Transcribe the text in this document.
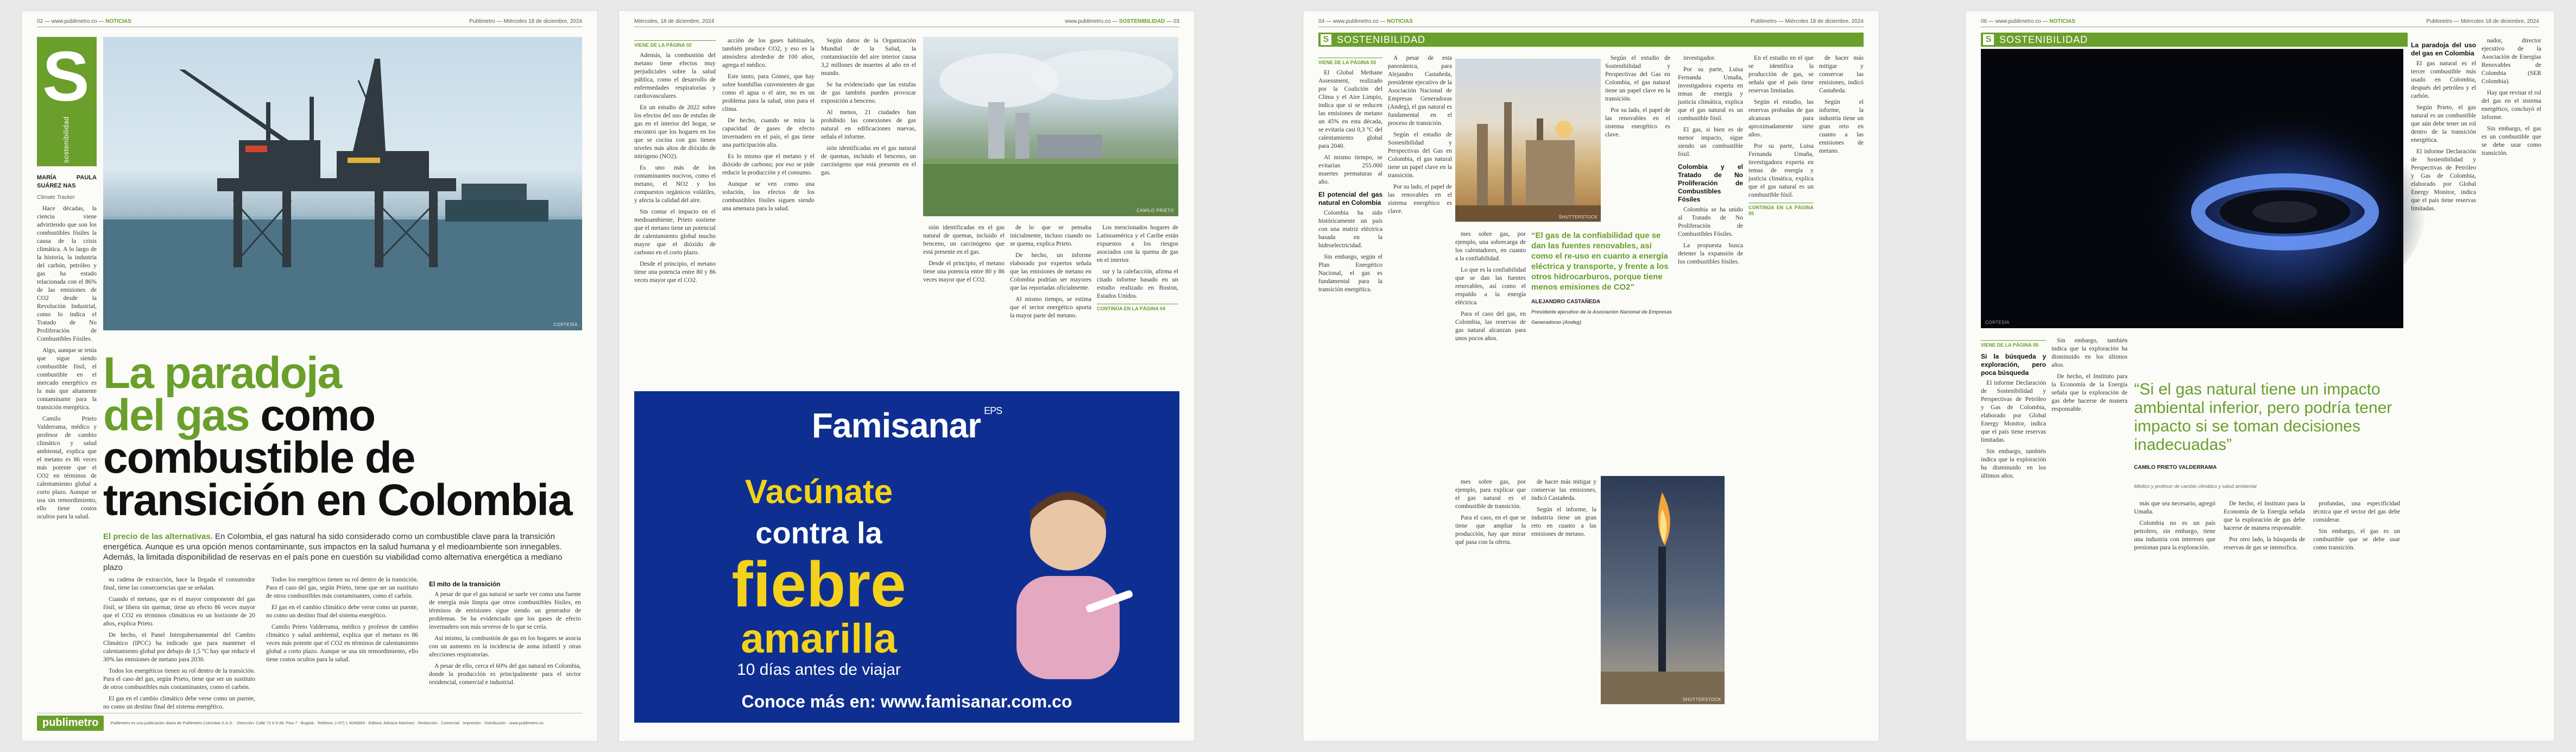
02 — www.publimetro.co — NOTICIAS	Publimetro — Miércoles 18 de diciembre, 2024
S
sostenibilidad

MARÍA PAULA SUÁREZ NAS

Climate Tracker

Hace décadas, la ciencia viene advirtiendo que son los combustibles fósiles la causa de la crisis climática. A lo largo de la historia, la industria del carbón, petróleo y gas ha estado relacionada con el 86% de las emisiones de CO2 desde la Revolución Industrial, como lo indica el Tratado de No Proliferación de Combustibles Fósiles.

Algo, aunque se tenía que sigue siendo combustible fósil, el combustible en el mercado energético es la más que altamente contaminante para la transición energética.

Camilo Prieto Valderrama, médico y profesor de cambio climático y salud ambiental, explica que el metano es 86 veces más potente que el CO2 en términos de calentamiento global a corto plazo. Aunque se usa sin remordimiento, ello tiene costos ocultos para la salud.

CORTESÍA
La paradoja
del gas como combustible de transición en Colombia
El precio de las alternativas. En Colombia, el gas natural ha sido considerado como un combustible clave para la transición energética. Aunque es una opción menos contaminante, sus impactos en la salud humana y el medioambiente son innegables. Además, la limitada disponibilidad de reservas en el país pone en cuestión su viabilidad como alternativa energética a mediano plazo

su cadena de extracción, hace la llegada el consumidor final, tiene las consecuencias que se señalan.

Cuando el metano, que es el mayor componente del gas fósil, se libera sin quemar, tiene un efecto 86 veces mayor que el CO2 en términos climáticos en un horizonte de 20 años, explica Prieto.

De hecho, el Panel Intergubernamental del Cambio Climático (IPCC) ha indicado que para mantener el calentamiento global por debajo de 1,5 °C hay que reducir el 30% las emisiones de metano para 2030.

Todos los energéticos tienen su rol dentro de la transición. Para el caso del gas, según Prieto, tiene que ser un sustituto de otros combustibles más contaminantes, como el carbón.

El gas en el cambio climático debe verse como un puente, no como un destino final del sistema energético.

Todos los energéticos tienen su rol dentro de la transición. Para el caso del gas, según Prieto, tiene que ser un sustituto de otros combustibles más contaminantes, como el carbón.

El gas en el cambio climático debe verse como un puente, no como un destino final del sistema energético.

Camilo Prieto Valderrama, médico y profesor de cambio climático y salud ambiental, explica que el metano es 86 veces más potente que el CO2 en términos de calentamiento global a corto plazo. Aunque se usa sin remordimiento, ello tiene costos ocultos para la salud.

El mito de la transición

A pesar de que el gas natural se suele ver como una fuente de energía más limpia que otros combustibles fósiles, en términos de emisiones sigue siendo un generador de problemas. Se ha evidenciado que los gases de efecto invernadero son más severos de lo que se creía.

Así mismo, la combustión de gas en los hogares se asocia con un aumento en la incidencia de asma infantil y otras afecciones respiratorias.

A pesar de ello, cerca el 60% del gas natural en Colombia, donde la producción es principalmente para el sector residencial, comercial e industrial.

publimetro	Publimetro es una publicación diaria de Publimetro Colombia S.A.S. · Dirección: Calle 72 # 5-38, Piso 7 · Bogotá · Teléfono: (+57) 1 4046969 · Editora: Adriana Martínez · Redacción · Comercial · Impresión · Distribución · www.publimetro.co
Miércoles, 18 de diciembre, 2024	www.publimetro.co — SOSTENIBILIDAD — 03
VIENE DE LA PÁGINA 02

Además, la combustión del metano tiene efectos muy perjudiciales sobre la salud pública, como el desarrollo de enfermedades respiratorias y cardiovasculares.

En un estudio de 2022 sobre los efectos del uso de estufas de gas en el interior del hogar, se encontró que los hogares en los que se cocina con gas tienen niveles más altos de dióxido de nitrógeno (NO2).

Es uno más de los contaminantes nocivos, como el metano, el NO2 y los compuestos orgánicos volátiles, y afecta la calidad del aire.

Sin contar el impacto en el medioambiente, Prieto sostiene que el metano tiene un potencial de calentamiento global mucho mayor que el dióxido de carbono en el corto plazo.

Desde el principio, el metano tiene una potencia entre 80 y 86 veces mayor que el CO2.

acción de los gases habituales, también produce CO2, y eso es la atmósfera alrededor de 100 años, agrega el médico.

Este tanto, para Gómez, que hay sobre bombillas convenientes de gas como el agua o el aire, no es un problema para la salud, sino para el clima.

De hecho, cuando se mira la capacidad de gases de efecto invernadero en el país, el gas tiene una participación alta.

Es lo mismo que el metano y el dióxido de carbono; por eso se pide reducir la producción y el consumo.

Aunque se ven como una solución, los efectos de los combustibles fósiles siguen siendo una amenaza para la salud.

Según datos de la Organización Mundial de la Salud, la contaminación del aire interior causa 3,2 millones de muertes al año en el mundo.

Se ha evidenciado que las estufas de gas también pueden provocar exposición a benceno.

Al menos, 21 ciudades han prohibido las conexiones de gas natural en edificaciones nuevas, señala el informe.

sión identificadas en el gas natural de quemas, incluido el benceno, un carcinógeno que está presente en el gas.

CAMILO PRIETO

sión identificadas en el gas natural de quemas, incluido el benceno, un carcinógeno que está presente en el gas.

Desde el principio, el metano tiene una potencia entre 80 y 86 veces mayor que el CO2.

de lo que se pensaba inicialmente, incluso cuando no se quema, explica Prieto.

De hecho, un informe elaborado por expertos señala que las emisiones de metano en Colombia podrían ser mayores que las reportadas oficialmente.

Al mismo tiempo, se estima que el sector energético aporta la mayor parte del metano.

Los mencionados hogares de Latinoamérica y el Caribe están expuestos a los riesgos asociados con la quema de gas en el interior.

sur y la calefacción, afirma el citado informe basado en un estudio realizado en Boston, Estados Unidos.

CONTINÚA EN LA PÁGINA 04
Famisanar $^{EPS}$
Vacúnate
contra la
fiebre
amarilla
10 días antes de viajar
Conoce más en: www.famisanar.com.co
04 — www.publimetro.co — NOTICIAS	Publimetro — Miércoles 18 de diciembre, 2024
S SOSTENIBILIDAD
VIENE DE LA PÁGINA 03

El Global Methane Assessment, realizado por la Coalición del Clima y el Aire Limpio, indica que si se reducen las emisiones de metano un 45% en esta década, se evitaría casi 0,3 °C del calentamiento global para 2040.

Al mismo tiempo, se evitarían 255.000 muertes prematuras al año.

El potencial del gas natural en Colombia

Colombia ha sido históricamente un país con una matriz eléctrica basada en la hidroelectricidad.

Sin embargo, según el Plan Energético Nacional, el gas es fundamental para la transición energética.

A pesar de esta panorámica, para Alejandro Castañeda, presidente ejecutivo de la Asociación Nacional de Empresas Generadoras (Andeg), el gas natural es fundamental en el proceso de transición.

Según el estudio de Sostenibilidad y Perspectivas del Gas en Colombia, el gas natural tiene un papel clave en la transición.

Por su lado, el papel de las renovables en el sistema energético es clave.

SHUTTERSTOCK

mes sobre gas, por ejemplo, una sobrecarga de los calentadores, en cuanto a la confiabilidad.

Lo que es la confiabilidad que se dan las fuentes renovables, así como el respaldo a la energía eléctrica.

Para el caso del gas, en Colombia, las reservas de gas natural alcanzan para unos pocos años.

“El gas de la confiabilidad que se dan las fuentes renovables, así como el re-uso en cuanto a energía eléctrica y transporte, y frente a los otros hidrocarburos, porque tiene menos emisiones de CO2”
ALEJANDRO CASTAÑEDA
Presidente ejecutivo de la Asociación Nacional de Empresas Generadoras (Andeg)

mes sobre gas, por ejemplo, para explicar que el gas natural es el combustible de transición.

Para el caso, en el que se tiene que ampliar la producción, hay que mirar qué pasa con la oferta.

de hacer más mitigar y conservar las emisiones, indicó Castañeda.

Según el informe, la industria tiene un gran reto en cuanto a las emisiones de metano.

SHUTTERSTOCK

Según el estudio de Sostenibilidad y Perspectivas del Gas en Colombia, el gas natural tiene un papel clave en la transición.

Por su lado, el papel de las renovables en el sistema energético es clave.

investigador.

Por su parte, Luisa Fernanda Umaña, investigadora experta en temas de energía y justicia climática, explica que el gas natural es un combustible fósil.

El gas, si bien es de menor impacto, sigue siendo un combustible fósil.

Colombia y el Tratado de No Proliferación de Combustibles Fósiles

Colombia se ha unido al Tratado de No Proliferación de Combustibles Fósiles.

La propuesta busca detener la expansión de los combustibles fósiles.

En el estudio en el que se identifica la producción de gas, se señala que el país tiene reservas limitadas.

Según el estudio, las reservas probadas de gas alcanzan para aproximadamente siete años.

Por su parte, Luisa Fernanda Umaña, investigadora experta en temas de energía y justicia climática, explica que el gas natural es un combustible fósil.

CONTINÚA EN LA PÁGINA 05

de hacer más mitigar y conservar las emisiones, indicó Castañeda.

Según el informe, la industria tiene un gran reto en cuanto a las emisiones de metano.

06 — www.publimetro.co — NOTICIAS	Publimetro — Miércoles 18 de diciembre, 2024
S SOSTENIBILIDAD
CORTESÍA
VIENE DE LA PÁGINA 05
Si la búsqueda y exploración, pero poca búsqueda

El informe Declaración de Sostenibilidad y Perspectivas de Petróleo y Gas de Colombia, elaborado por Global Energy Monitor, indica que el país tiene reservas limitadas.

Sin embargo, también indica que la exploración ha disminuido en los últimos años.

Sin embargo, también indica que la exploración ha disminuido en los últimos años.

De hecho, el Instituto para la Economía de la Energía señala que la exploración de gas debe hacerse de manera responsable.

“Si el gas natural tiene un impacto ambiental inferior, pero podría tener impacto si se toman decisiones inadecuadas”
CAMILO PRIETO VALDERRAMA
Médico y profesor de cambio climático y salud ambiental

más que sea necesario, agregó Umaña.

Colombia no es un país petrolero, sin embargo, tiene una industria con intereses que presionan para la exploración.

De hecho, el Instituto para la Economía de la Energía señala que la exploración de gas debe hacerse de manera responsable.

Por otro lado, la búsqueda de reservas de gas se intensifica.

profundas, una especificidad técnica que el sector del gas debe considerar.

Sin embargo, el gas es un combustible que se debe usar como transición.

La paradoja del uso del gas en Colombia

El gas natural es el tercer combustible más usado en Colombia, después del petróleo y el carbón.

Según Prieto, el gas natural es un combustible que aún debe tener un rol dentro de la transición energética.

El informe Declaración de Sostenibilidad y Perspectivas de Petróleo y Gas de Colombia, elaborado por Global Energy Monitor, indica que el país tiene reservas limitadas.

nador, director ejecutivo de la Asociación de Energías Renovables de Colombia (SER Colombia).

Hay que revisar el rol del gas en el sistema energético, concluyó el informe.

Sin embargo, el gas es un combustible que se debe usar como transición.
